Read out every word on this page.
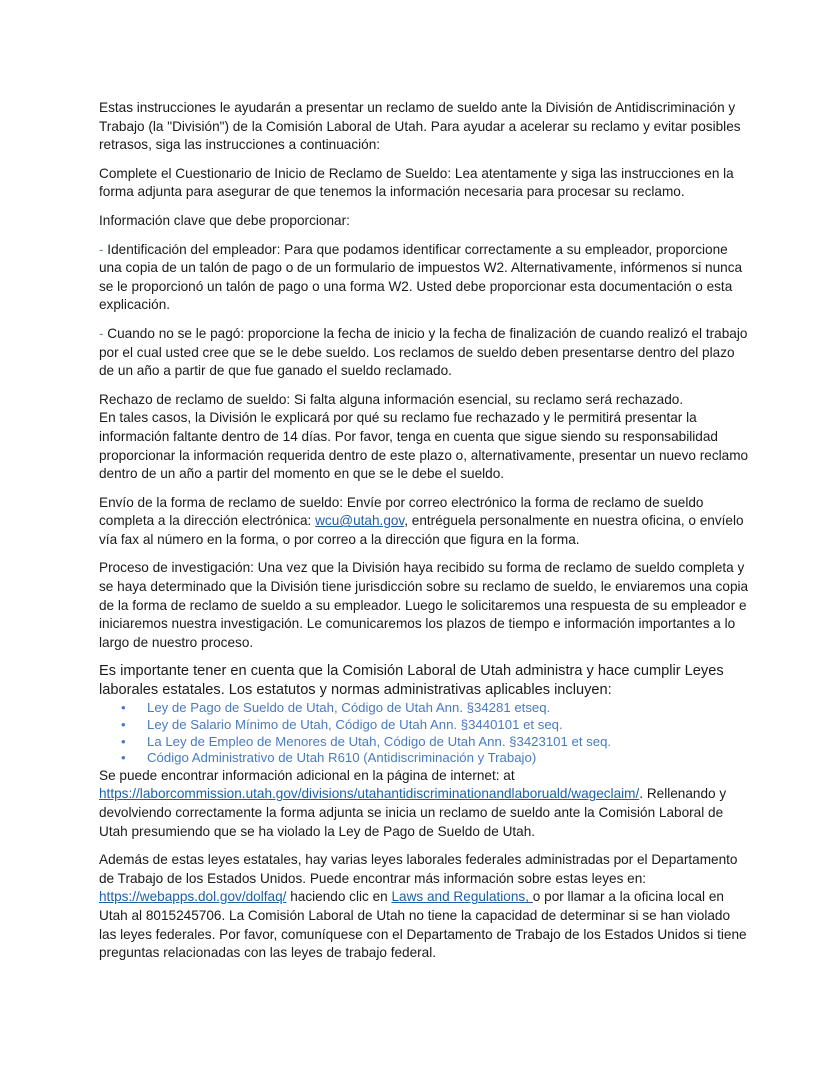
Estas instrucciones le ayudarán a presentar un reclamo de sueldo ante la División de Antidiscriminación y Trabajo (la "División") de la Comisión Laboral de Utah. Para ayudar a acelerar su reclamo y evitar posibles retrasos, siga las instrucciones a continuación:

Complete el Cuestionario de Inicio de Reclamo de Sueldo: Lea atentamente y siga las instrucciones en la forma adjunta para asegurar de que tenemos la información necesaria para procesar su reclamo.

Información clave que debe proporcionar:

- Identificación del empleador: Para que podamos identificar correctamente a su empleador, proporcione una copia de un talón de pago o de un formulario de impuestos W2. Alternativamente, infórmenos si nunca se le proporcionó un talón de pago o una forma W2. Usted debe proporcionar esta documentación o esta explicación.

- Cuando no se le pagó: proporcione la fecha de inicio y la fecha de finalización de cuando realizó el trabajo por el cual usted cree que se le debe sueldo. Los reclamos de sueldo deben presentarse dentro del plazo de un año a partir de que fue ganado el sueldo reclamado.

Rechazo de reclamo de sueldo: Si falta alguna información esencial, su reclamo será rechazado.
En tales casos, la División le explicará por qué su reclamo fue rechazado y le permitirá presentar la información faltante dentro de 14 días. Por favor, tenga en cuenta que sigue siendo su responsabilidad proporcionar la información requerida dentro de este plazo o, alternativamente, presentar un nuevo reclamo dentro de un año a partir del momento en que se le debe el sueldo.

Envío de la forma de reclamo de sueldo: Envíe por correo electrónico la forma de reclamo de sueldo completa a la dirección electrónica: wcu@utah.gov, entréguela personalmente en nuestra oficina, o envíelo vía fax al número en la forma, o por correo a la dirección que figura en la forma.

Proceso de investigación: Una vez que la División haya recibido su forma de reclamo de sueldo completa y se haya determinado que la División tiene jurisdicción sobre su reclamo de sueldo, le enviaremos una copia de la forma de reclamo de sueldo a su empleador. Luego le solicitaremos una respuesta de su empleador e iniciaremos nuestra investigación. Le comunicaremos los plazos de tiempo e información importantes a lo largo de nuestro proceso.

Es importante tener en cuenta que la Comisión Laboral de Utah administra y hace cumplir Leyes laborales estatales. Los estatutos y normas administrativas aplicables incluyen:

• Ley de Pago de Sueldo de Utah, Código de Utah Ann. §34281 etseq.
• Ley de Salario Mínimo de Utah, Código de Utah Ann. §3440101 et seq.
• La Ley de Empleo de Menores de Utah, Código de Utah Ann. §3423101 et seq.
• Código Administrativo de Utah R610 (Antidiscriminación y Trabajo)

Se puede encontrar información adicional en la página de internet: at https://laborcommission.utah.gov/divisions/utahantidiscriminationandlaboruald/wageclaim/. Rellenando y devolviendo correctamente la forma adjunta se inicia un reclamo de sueldo ante la Comisión Laboral de Utah presumiendo que se ha violado la Ley de Pago de Sueldo de Utah.

Además de estas leyes estatales, hay varias leyes laborales federales administradas por el Departamento de Trabajo de los Estados Unidos. Puede encontrar más información sobre estas leyes en: https://webapps.dol.gov/dolfaq/ haciendo clic en Laws and Regulations, o por llamar a la oficina local en Utah al 8015245706. La Comisión Laboral de Utah no tiene la capacidad de determinar si se han violado las leyes federales. Por favor, comuníquese con el Departamento de Trabajo de los Estados Unidos si tiene preguntas relacionadas con las leyes de trabajo federal.
